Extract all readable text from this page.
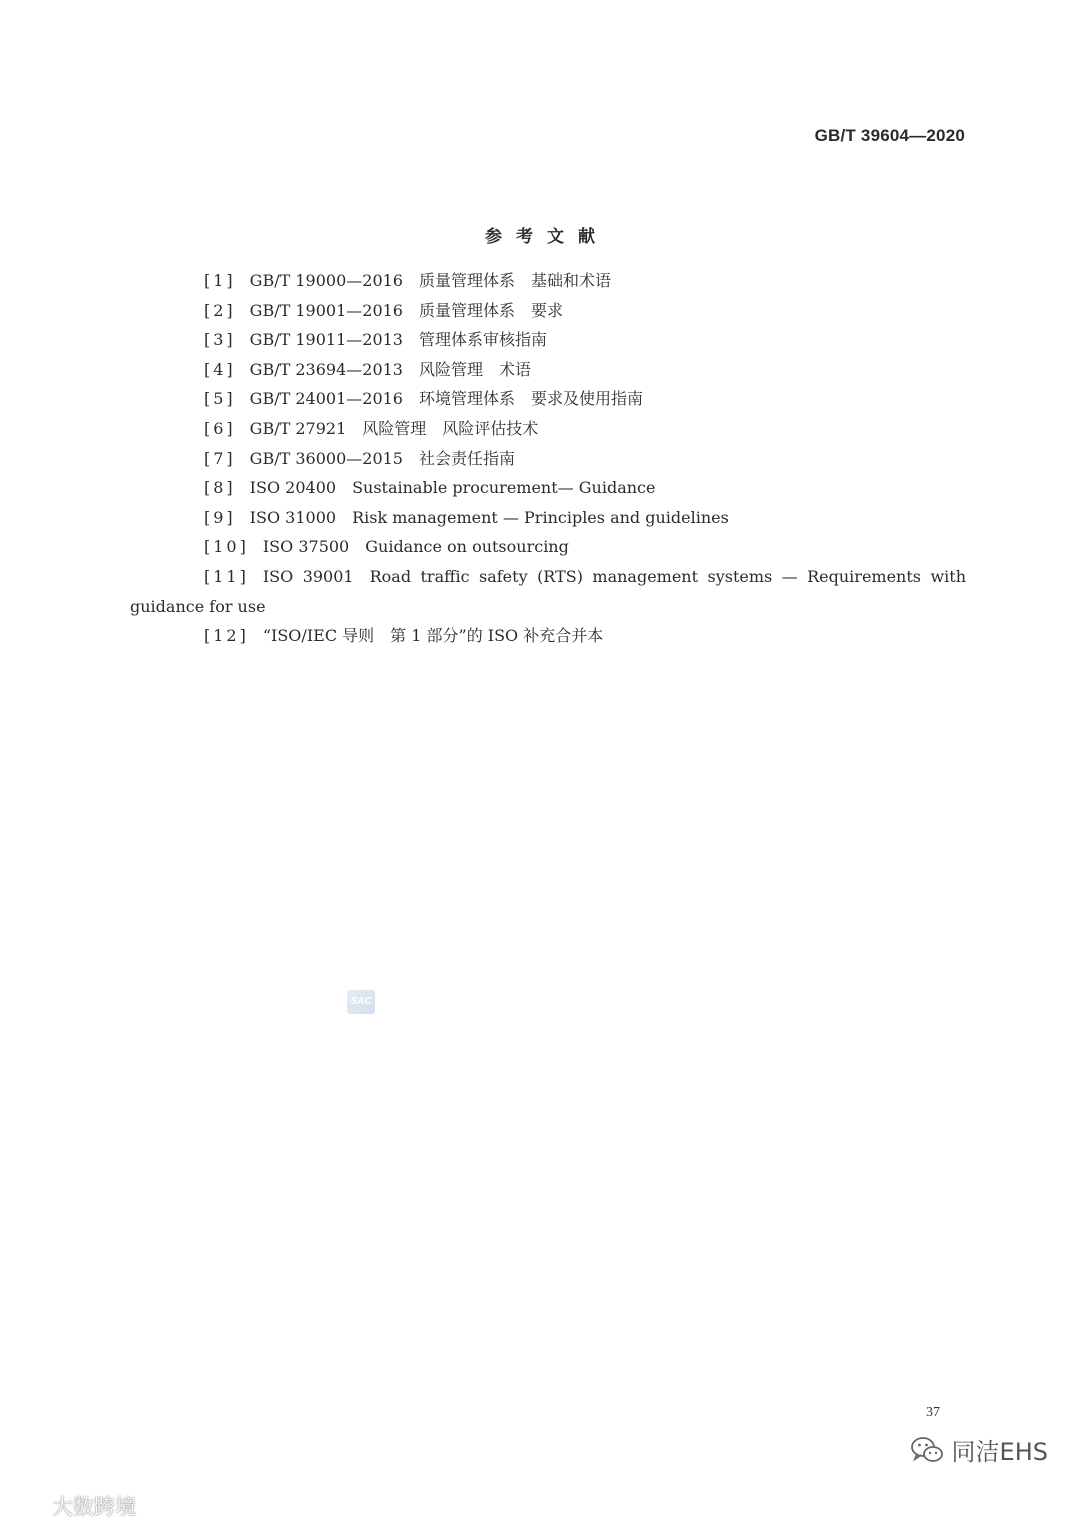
GB/T 39604—2020
参考文献
[1] GB/T 19000—2016 质量管理体系 基础和术语
[2] GB/T 19001—2016 质量管理体系 要求
[3] GB/T 19011—2013 管理体系审核指南
[4] GB/T 23694—2013 风险管理 术语
[5] GB/T 24001—2016 环境管理体系 要求及使用指南
[6] GB/T 27921 风险管理 风险评估技术
[7] GB/T 36000—2015 社会责任指南
[8] ISO 20400 Sustainable procurement— Guidance
[9] ISO 31000 Risk management — Principles and guidelines
[10] ISO 37500 Guidance on outsourcing
[11] ISO 39001 Road traffic safety (RTS) management systems — Requirements with guidance for use
[12] “ISO/IEC 导则 第 1 部分”的 ISO 补充合并本
SAC
37
同洁EHS
大数跨境
